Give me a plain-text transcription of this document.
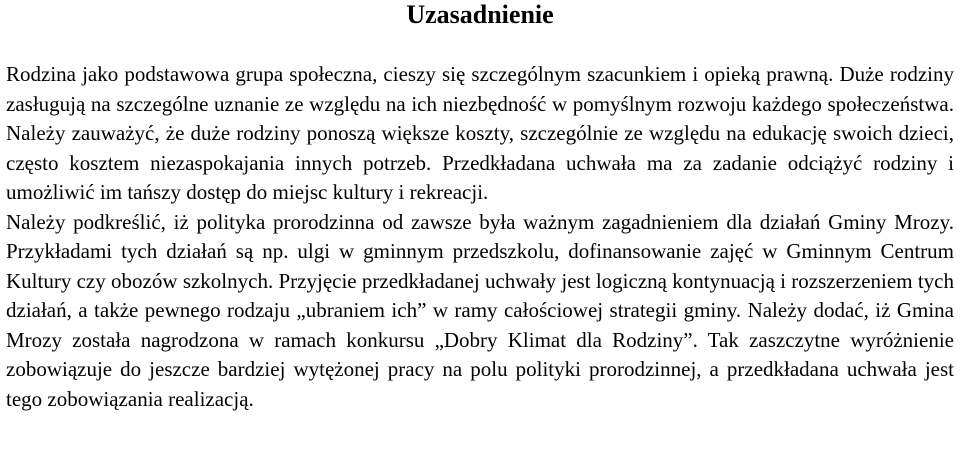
Uzasadnienie

Rodzina jako podstawowa grupa społeczna, cieszy się szczególnym szacunkiem i opieką prawną. Duże rodziny zasługują na szczególne uznanie ze względu na ich niezbędność w pomyślnym rozwoju każdego społeczeństwa. Należy zauważyć, że duże rodziny ponoszą większe koszty, szczególnie ze względu na edukację swoich dzieci, często kosztem niezaspokajania innych potrzeb. Przedkładana uchwała ma za zadanie odciążyć rodziny i umożliwić im tańszy dostęp do miejsc kultury i rekreacji.

Należy podkreślić, iż polityka prorodzinna od zawsze była ważnym zagadnieniem dla działań Gminy Mrozy. Przykładami tych działań są np. ulgi w gminnym przedszkolu, dofinansowanie zajęć w Gminnym Centrum Kultury czy obozów szkolnych. Przyjęcie przedkładanej uchwały jest logiczną kontynuacją i rozszerzeniem tych działań, a także pewnego rodzaju „ubraniem ich” w ramy całościowej strategii gminy. Należy dodać, iż Gmina Mrozy została nagrodzona w ramach konkursu „Dobry Klimat dla Rodziny”. Tak zaszczytne wyróżnienie zobowiązuje do jeszcze bardziej wytężonej pracy na polu polityki prorodzinnej, a przedkładana uchwała jest tego zobowiązania realizacją.
